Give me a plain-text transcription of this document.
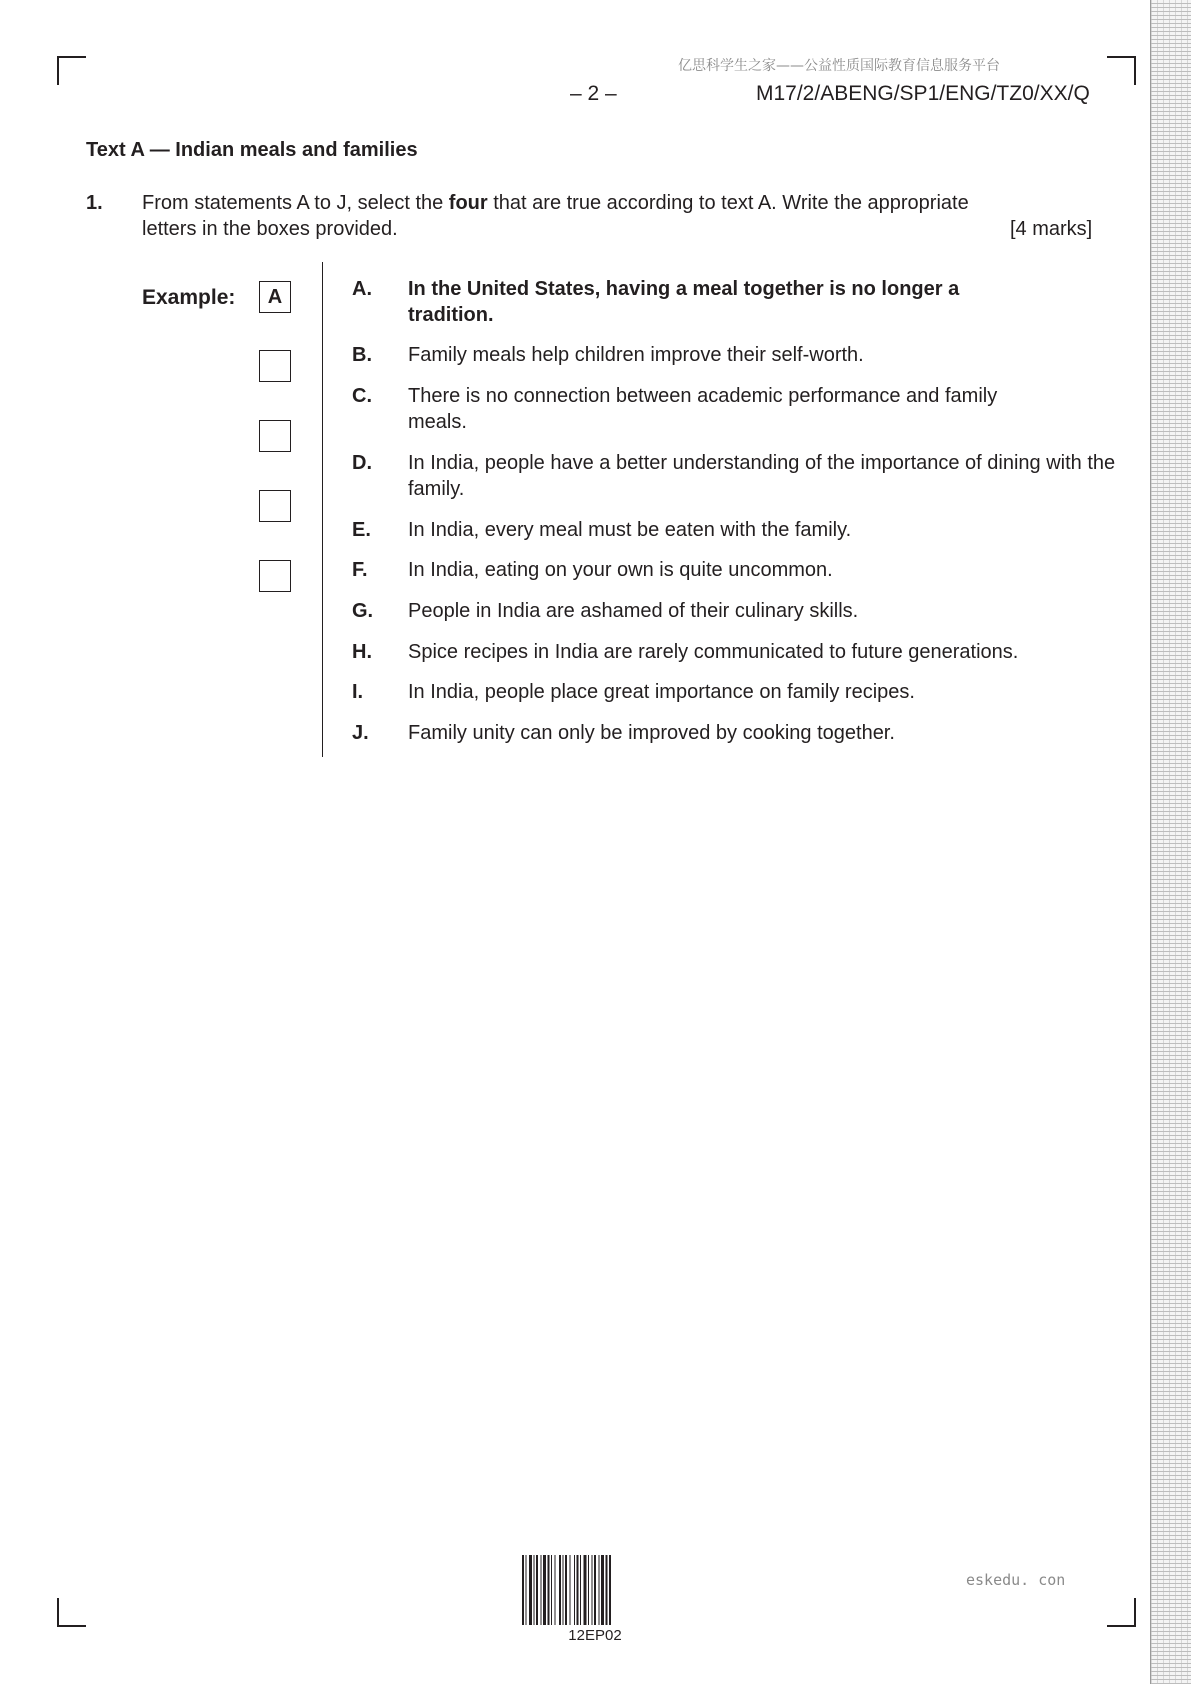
亿思科学生之家——公益性质国际教育信息服务平台
– 2 –	M17/2/ABENG/SP1/ENG/TZ0/XX/Q
Text A — Indian meals and families
1. From statements A to J, select the four that are true according to text A. Write the appropriate
letters in the boxes provided.	[4 marks]
Example:	A	A. In the United States, having a meal together is no longer a tradition.
B. Family meals help children improve their self-worth.
C. There is no connection between academic performance and family meals.
D. In India, people have a better understanding of the importance of dining with the family.
E. In India, every meal must be eaten with the family.
F. In India, eating on your own is quite uncommon.
G. People in India are ashamed of their culinary skills.
H. Spice recipes in India are rarely communicated to future generations.
I. In India, people place great importance on family recipes.
J. Family unity can only be improved by cooking together.
12EP02
eskedu. con
